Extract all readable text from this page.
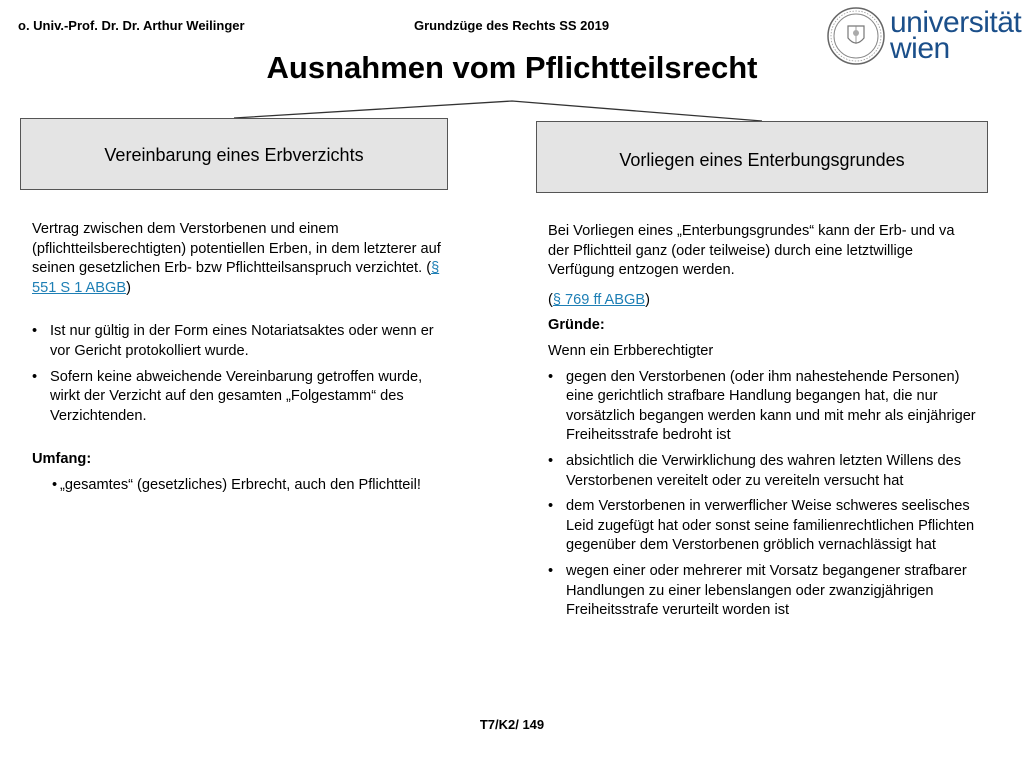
o. Univ.-Prof. Dr. Dr. Arthur Weilinger	Grundzüge des Rechts SS 2019	universität
wien
Ausnahmen vom Pflichtteilsrecht
Vereinbarung eines Erbverzichts	Vorliegen eines Enterbungsgrundes

Vertrag zwischen dem Verstorbenen und einem (pflichtteilsberechtigten) potentiellen Erben, in dem letzterer auf seinen gesetzlichen Erb- bzw Pflichtteilsanspruch verzichtet. (§ 551 S 1 ABGB)

• Ist nur gültig in der Form eines Notariatsaktes oder wenn er vor Gericht protokolliert wurde.
• Sofern keine abweichende Vereinbarung getroffen wurde, wirkt der Verzicht auf den gesamten „Folgestamm“ des Verzichtenden.

Umfang:

• „gesamtes“ (gesetzliches) Erbrecht, auch den Pflichtteil!

Bei Vorliegen eines „Enterbungsgrundes“ kann der Erb- und va der Pflichtteil ganz (oder teilweise) durch eine letztwillige Verfügung entzogen werden.

(§ 769 ff ABGB)

Gründe:

Wenn ein Erbberechtigter

• gegen den Verstorbenen (oder ihm nahestehende Personen) eine gerichtlich strafbare Handlung begangen hat, die nur vorsätzlich begangen werden kann und mit mehr als einjähriger Freiheitsstrafe bedroht ist
• absichtlich die Verwirklichung des wahren letzten Willens des Verstorbenen vereitelt oder zu vereiteln versucht hat
• dem Verstorbenen in verwerflicher Weise schweres seelisches Leid zugefügt hat oder sonst seine familienrechtlichen Pflichten gegenüber dem Verstorbenen gröblich vernachlässigt hat
• wegen einer oder mehrerer mit Vorsatz begangener strafbarer Handlungen zu einer lebenslangen oder zwanzigjährigen Freiheitsstrafe verurteilt worden ist
T7/K2/ 149
